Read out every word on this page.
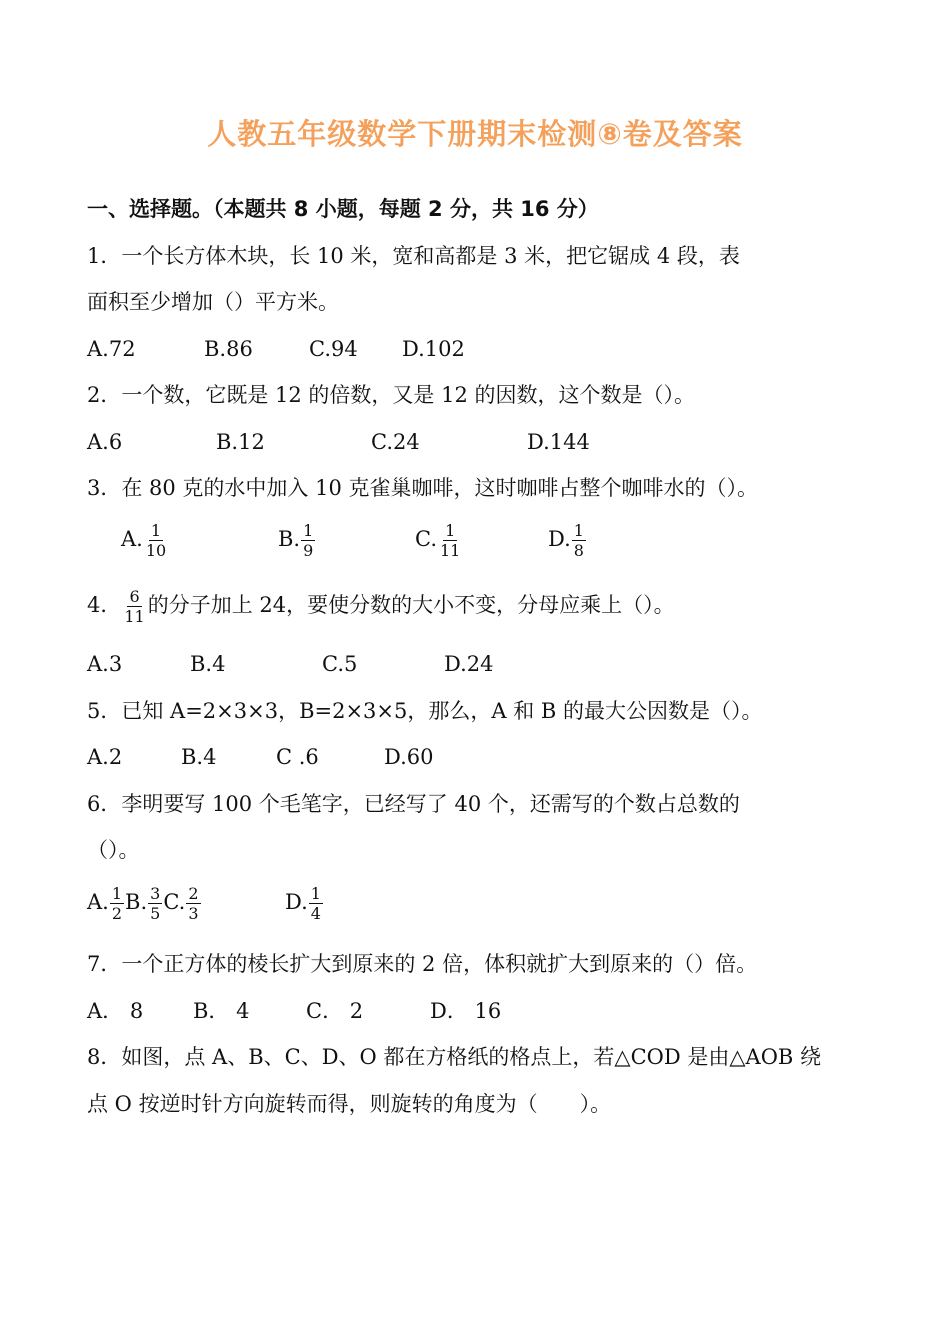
人教五年级数学下册期末检测⑧卷及答案
一、选择题。（本题共 8 小题，每题 2 分，共 16 分）
1．一个长方体木块，长 10 米，宽和高都是 3 米，把它锯成 4 段，表
面积至少增加（）平方米。
A.72	B.86	C.94 D.102
2．一个数，它既是 12 的倍数，又是 12 的因数，这个数是（）。
A.6	B.12	C.24	D.144
3．在 80 克的水中加入 10 克雀巢咖啡，这时咖啡占整个咖啡水的（）。
A. $\frac{1}{10}$	B. $\frac{1}{9}$	C. $\frac{1}{11}$	D. $\frac{1}{8}$
4． $\frac{6}{11}$ 的分子加上 24，要使分数的大小不变，分母应乘上（）。
A.3	B.4	C.5	D.24
5．已知 A=2×3×3，B=2×3×5，那么，A 和 B 的最大公因数是（）。
A.2	B.4	C .6	D.60
6．李明要写 100 个毛笔字，已经写了 40 个，还需写的个数占总数的
（）。
A. $\frac{1}{2} B$. $\frac{3}{5} C$. $\frac{2}{3}$	D. $\frac{1}{4}$
7．一个正方体的棱长扩大到原来的 2 倍，体积就扩大到原来的（）倍。
A． 8 B． 4	C． 2	D． 16
8．如图，点 A、B、C、D、O 都在方格纸的格点上，若△COD 是由△AOB 绕
点 O 按逆时针方向旋转而得，则旋转的角度为（　　）。
